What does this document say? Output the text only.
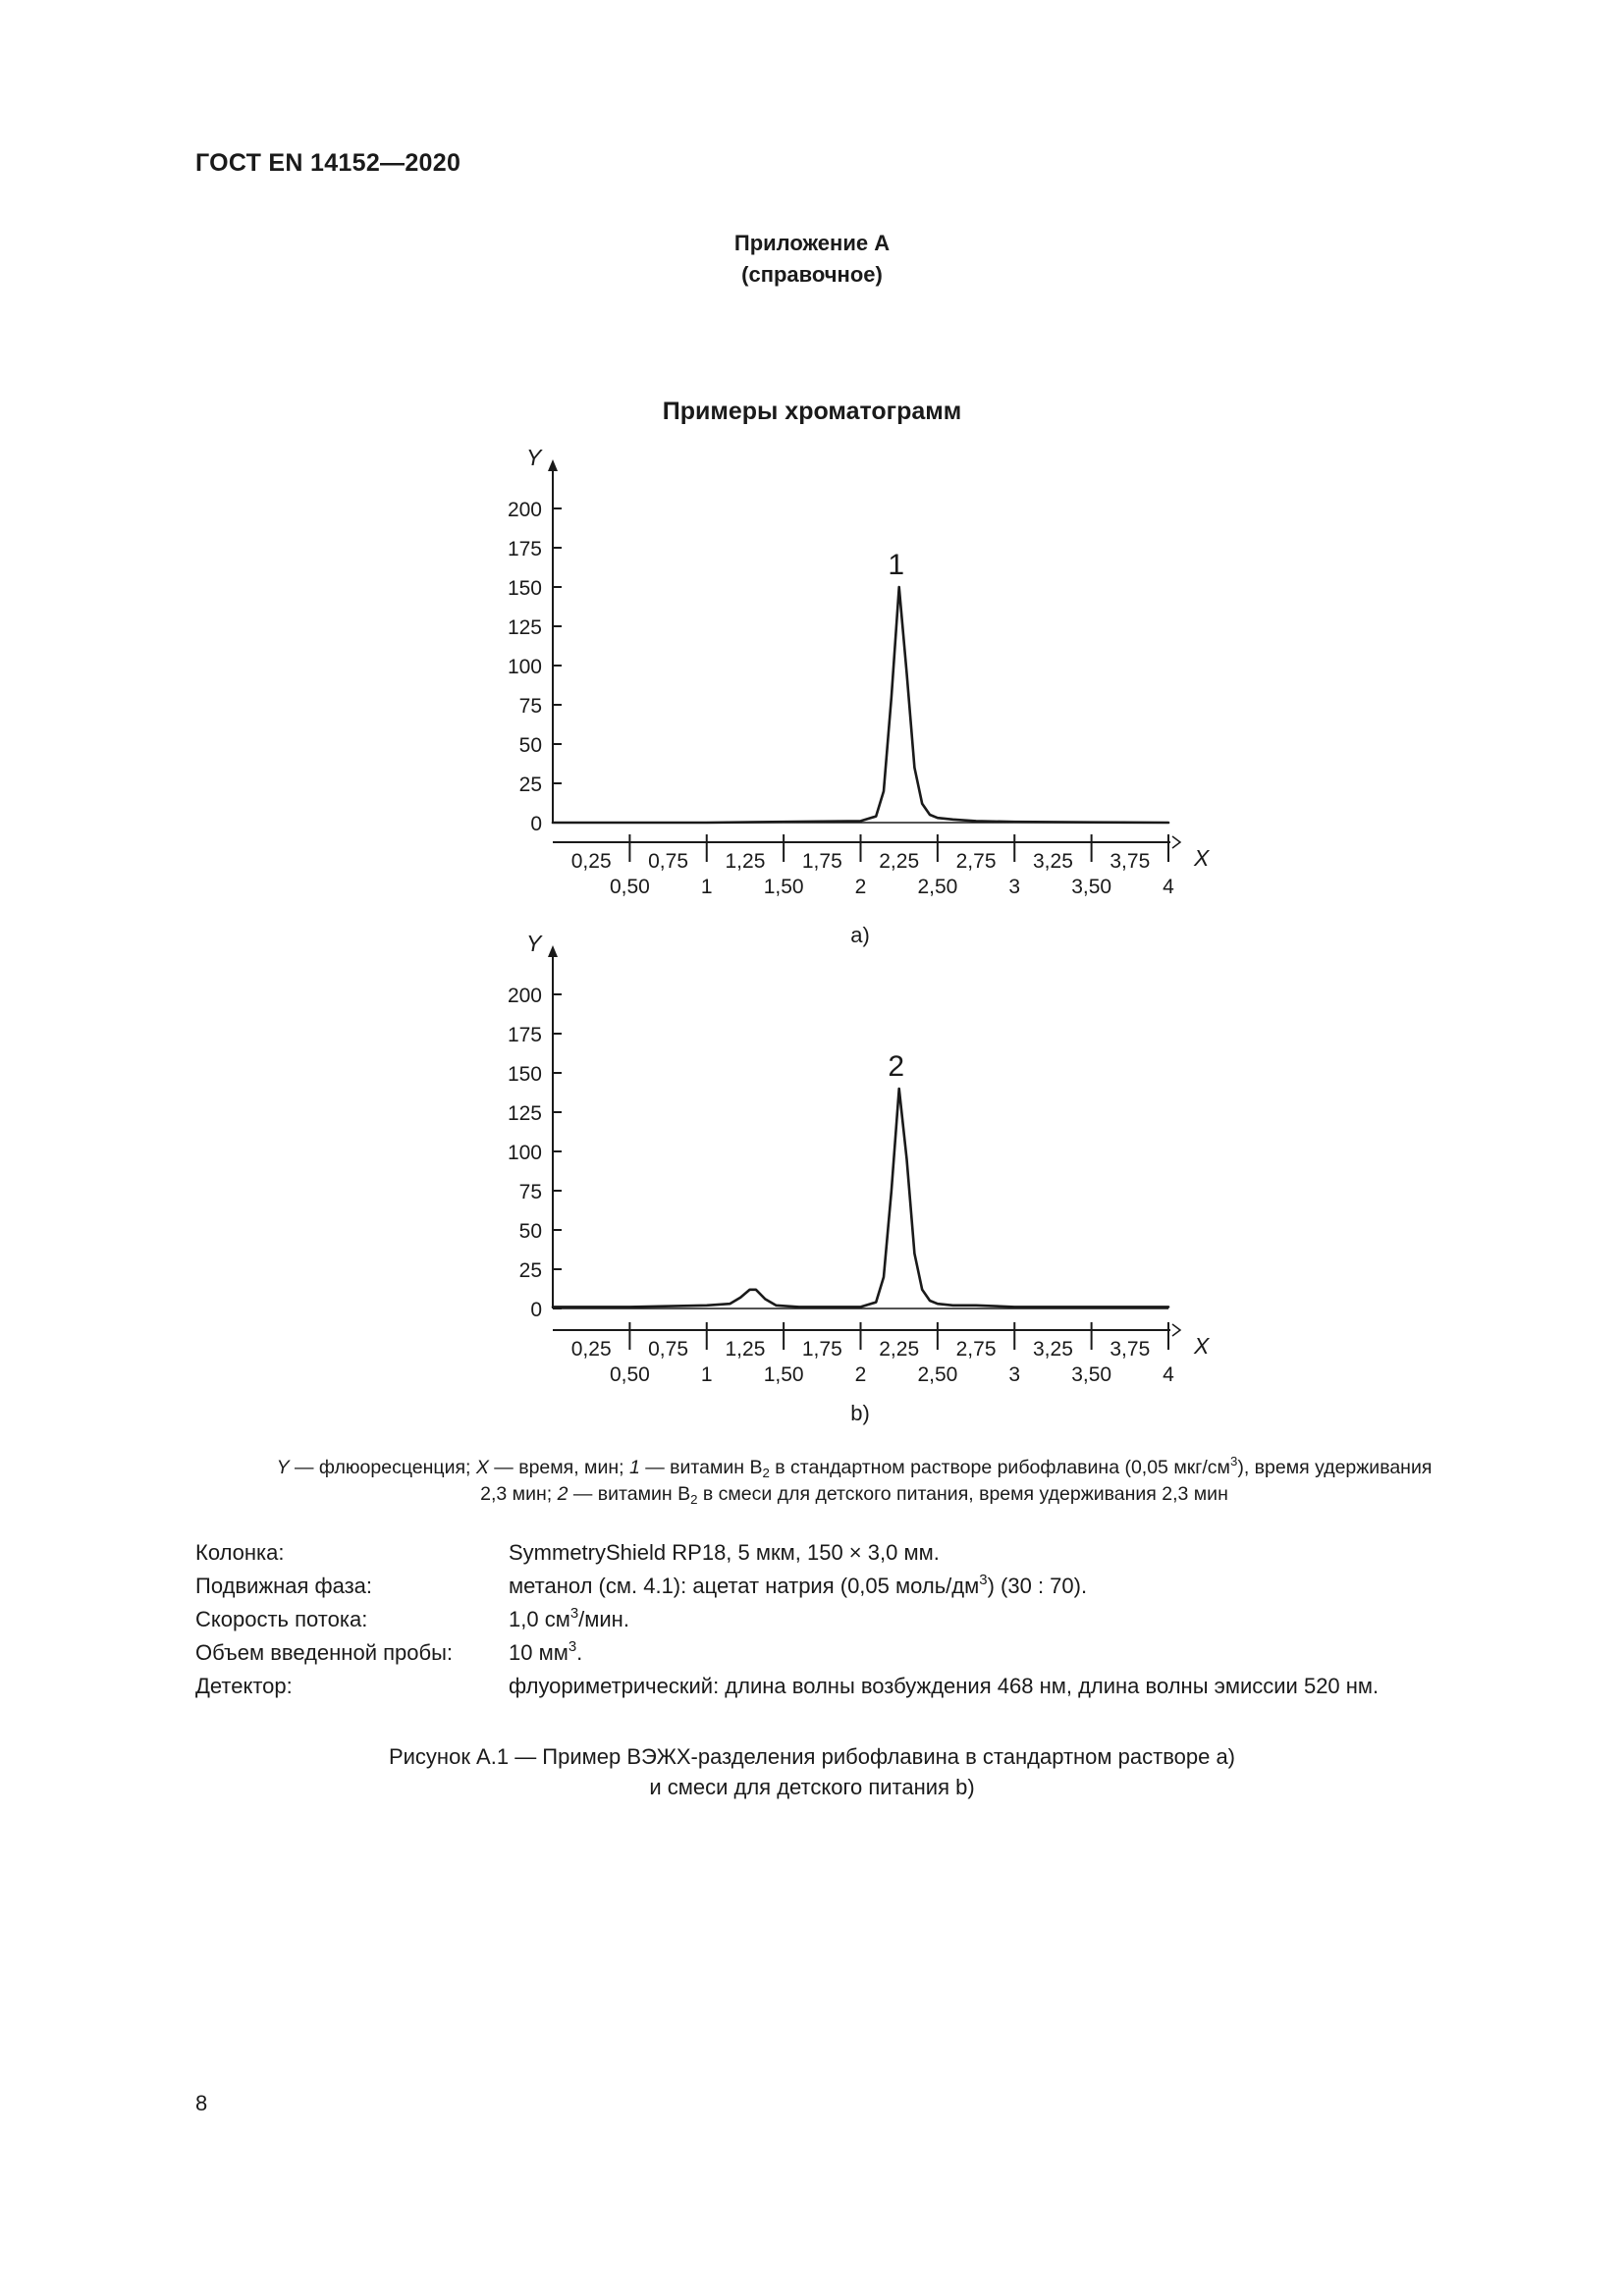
ГОСТ EN 14152—2020
Приложение А
(справочное)
Примеры хроматограмм
Y
0
25
50
75
100
125
150
175
200
X
0,25 0,75 1,25 1,75 2,25 2,75 3,25 3,75
0,50 1 1,50 2 2,50 3 3,50 4
1
а)
Y
0
25
50
75
100
125
150
175
200
X
0,25 0,75 1,25 1,75 2,25 2,75 3,25 3,75
0,50 1 1,50 2 2,50 3 3,50 4
2
b)
Y — флюоресценция; X — время, мин; 1 — витамин $В_2$ в стандартном растворе рибофлавина (0,05 мкг/$см^3$), время удерживания
2,3 мин; 2 — витамин $В_2$ в смеси для детского питания, время удерживания 2,3 мин
Колонка:	SymmetryShield RP18, 5 мкм, 150 × 3,0 мм.
Подвижная фаза:	метанол (см. 4.1): ацетат натрия (0,05 моль/$дм^3$) (30 : 70).
Скорость потока:	1,0 $см^3$/мин.
Объем введенной пробы:	10 $мм^3$.
Детектор:	флуориметрический: длина волны возбуждения 468 нм, длина волны эмиссии 520 нм.
Рисунок А.1 — Пример ВЭЖХ-разделения рибофлавина в стандартном растворе a)
и смеси для детского питания b)
8
